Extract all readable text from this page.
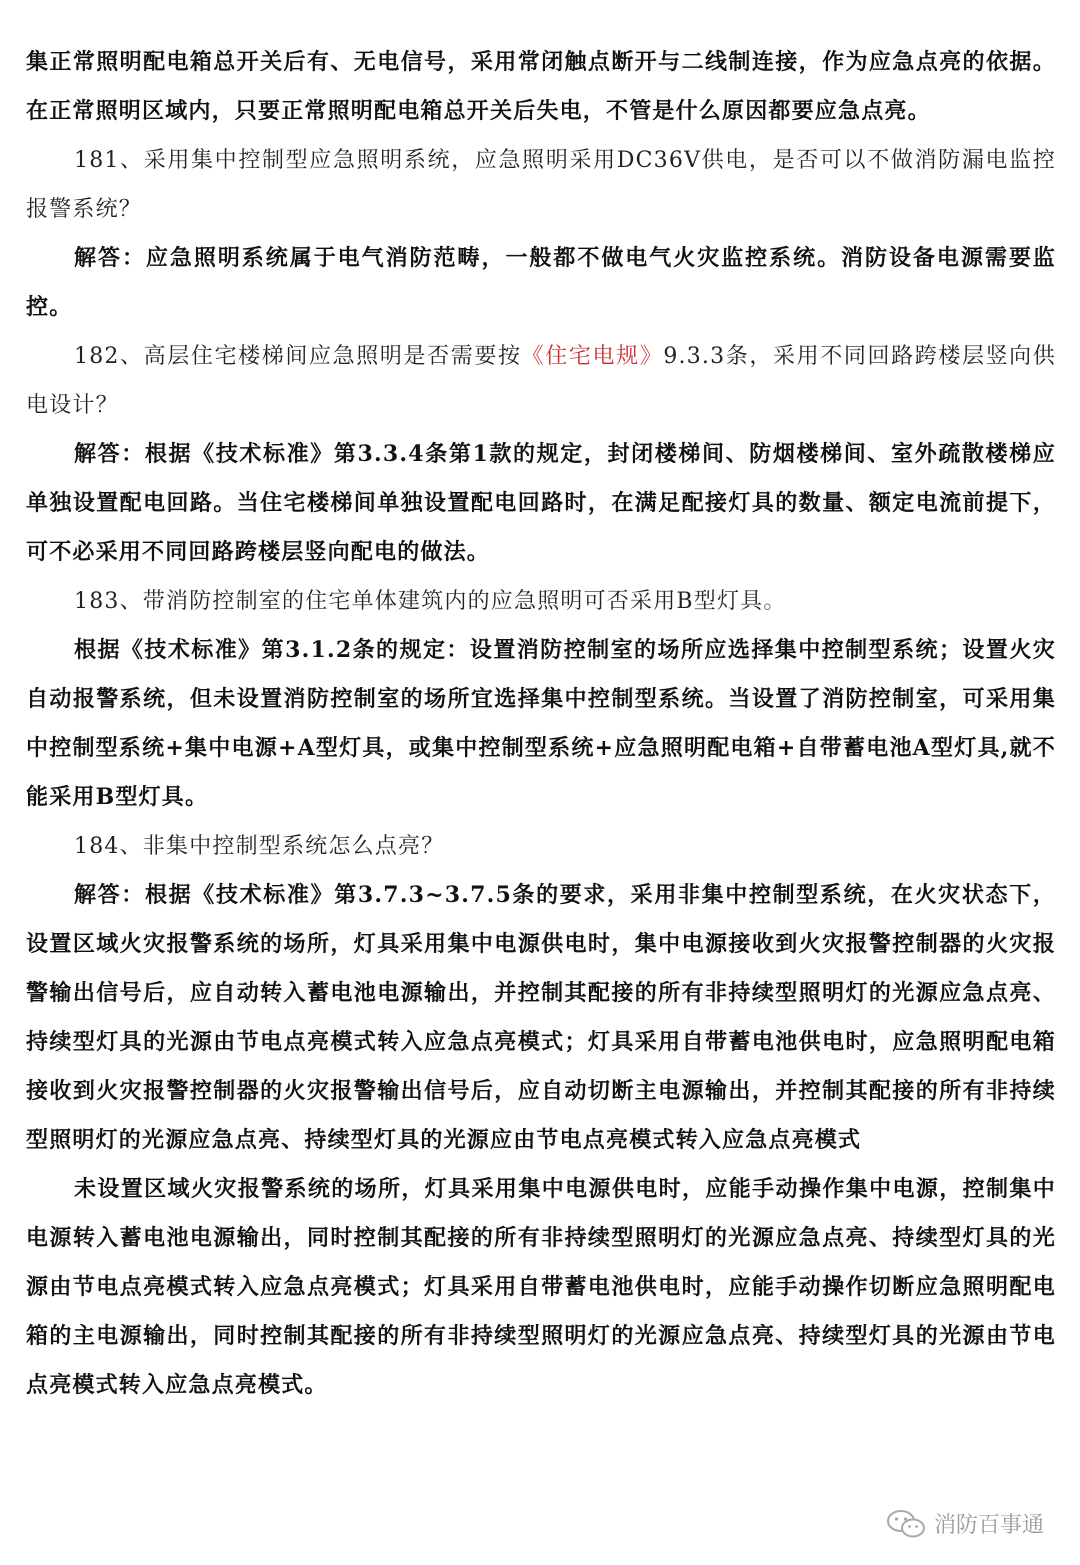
集正常照明配电箱总开关后有、无电信号，采用常闭触点断开与二线制连接，作为应急点亮的依据。在正常照明区域内，只要正常照明配电箱总开关后失电，不管是什么原因都要应急点亮。

181、采用集中控制型应急照明系统，应急照明采用DC36V供电，是否可以不做消防漏电监控报警系统？

解答：应急照明系统属于电气消防范畴，一般都不做电气火灾监控系统。消防设备电源需要监控。

182、高层住宅楼梯间应急照明是否需要按《住宅电规》9.3.3条，采用不同回路跨楼层竖向供电设计？

解答：根据《技术标准》第3.3.4条第1款的规定，封闭楼梯间、防烟楼梯间、室外疏散楼梯应单独设置配电回路。当住宅楼梯间单独设置配电回路时，在满足配接灯具的数量、额定电流前提下，可不必采用不同回路跨楼层竖向配电的做法。

183、带消防控制室的住宅单体建筑内的应急照明可否采用B型灯具。

根据《技术标准》第3.1.2条的规定：设置消防控制室的场所应选择集中控制型系统；设置火灾自动报警系统，但未设置消防控制室的场所宜选择集中控制型系统。当设置了消防控制室，可采用集中控制型系统+集中电源+A型灯具，或集中控制型系统+应急照明配电箱+自带蓄电池A型灯具,就不能采用B型灯具。

184、非集中控制型系统怎么点亮？

解答：根据《技术标准》第3.7.3~3.7.5条的要求，采用非集中控制型系统，在火灾状态下，设置区域火灾报警系统的场所，灯具采用集中电源供电时，集中电源接收到火灾报警控制器的火灾报警输出信号后，应自动转入蓄电池电源输出，并控制其配接的所有非持续型照明灯的光源应急点亮、持续型灯具的光源由节电点亮模式转入应急点亮模式；灯具采用自带蓄电池供电时，应急照明配电箱接收到火灾报警控制器的火灾报警输出信号后，应自动切断主电源输出，并控制其配接的所有非持续型照明灯的光源应急点亮、持续型灯具的光源应由节电点亮模式转入应急点亮模式

未设置区域火灾报警系统的场所，灯具采用集中电源供电时，应能手动操作集中电源，控制集中电源转入蓄电池电源输出，同时控制其配接的所有非持续型照明灯的光源应急点亮、持续型灯具的光源由节电点亮模式转入应急点亮模式；灯具采用自带蓄电池供电时，应能手动操作切断应急照明配电箱的主电源输出，同时控制其配接的所有非持续型照明灯的光源应急点亮、持续型灯具的光源由节电点亮模式转入应急点亮模式。

消防百事通
